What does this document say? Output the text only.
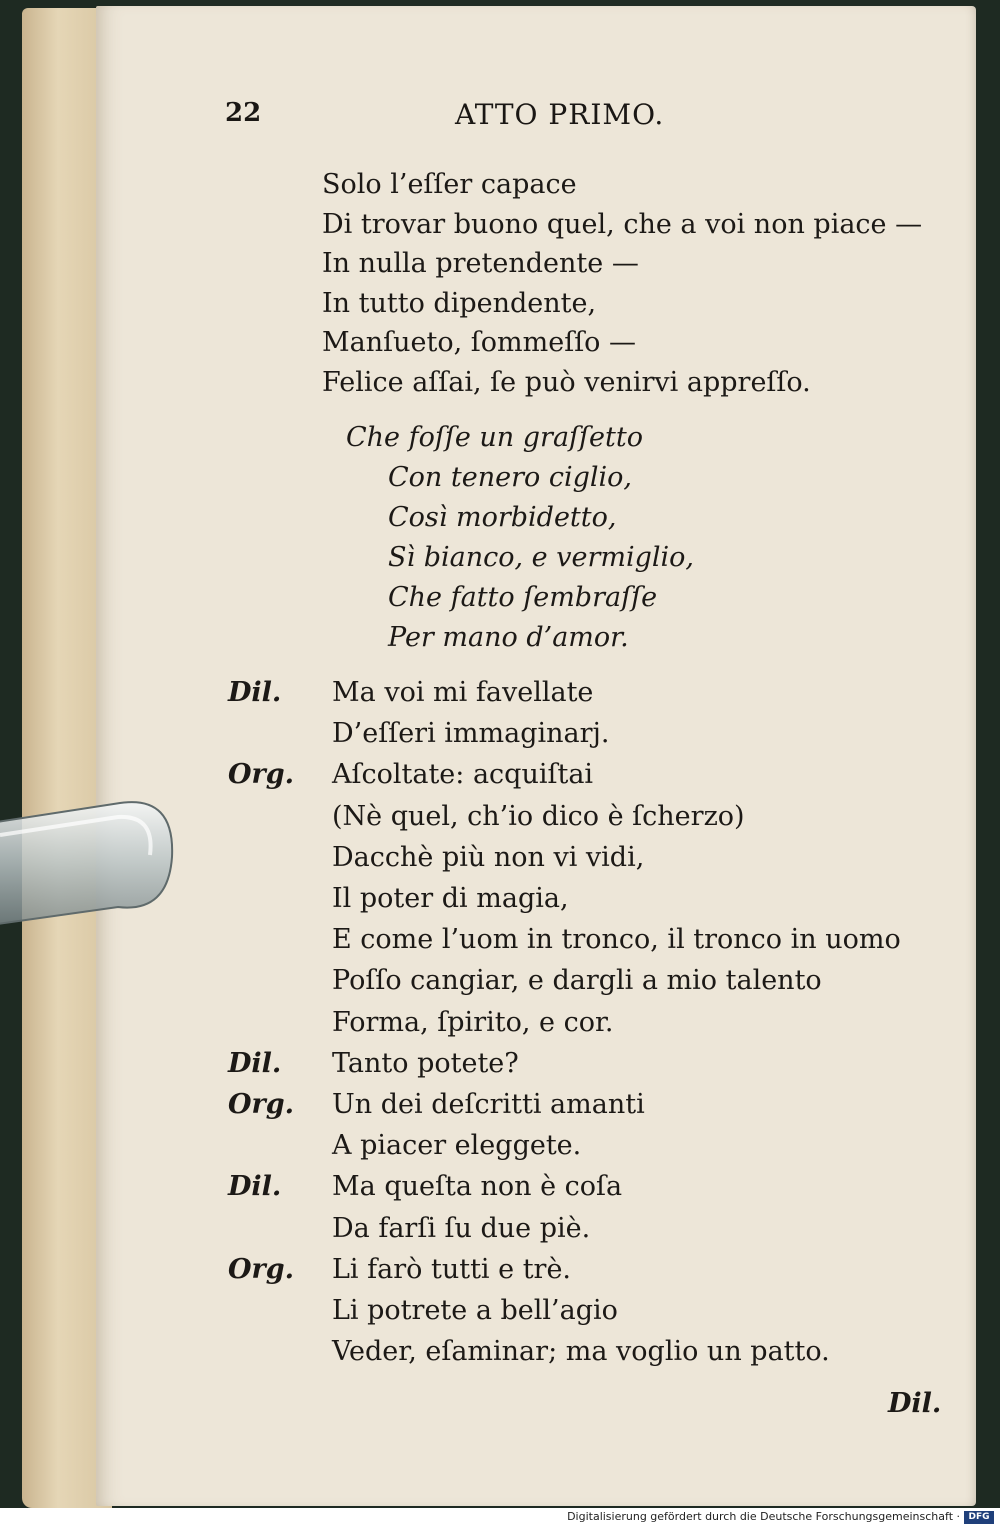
22	ATTO PRIMO.
Solo l’eſſer capace
Di trovar buono quel, che a voi non piace —
In nulla pretendente —
In tutto dipendente,
Manſueto, ſommeſſo —
Felice aſſai, ſe può venirvi appreſſo.
Che foſſe un graſſetto
Con tenero ciglio,
Così morbidetto,
Sì bianco, e vermiglio,
Che fatto ſembraſſe
Per mano d’amor.
Dil.	Ma voi mi favellate
D’eſſeri immaginarj.
Org.	Aſcoltate: acquiſtai
(Nè quel, ch’io dico è ſcherzo)
Dacchè più non vi vidi,
Il poter di magia,
E come l’uom in tronco, il tronco in uomo
Poſſo cangiar, e dargli a mio talento
Forma, ſpirito, e cor.
Dil.	Tanto potete?
Org.	Un dei deſcritti amanti
A piacer eleggete.
Dil.	Ma queſta non è coſa
Da farſi ſu due piè.
Org.	Li farò tutti e trè.
Li potrete a bell’agio
Veder, eſaminar; ma voglio un patto.
Dil.
Digitalisierung gefördert durch die Deutsche Forschungsgemeinschaft · DFG
